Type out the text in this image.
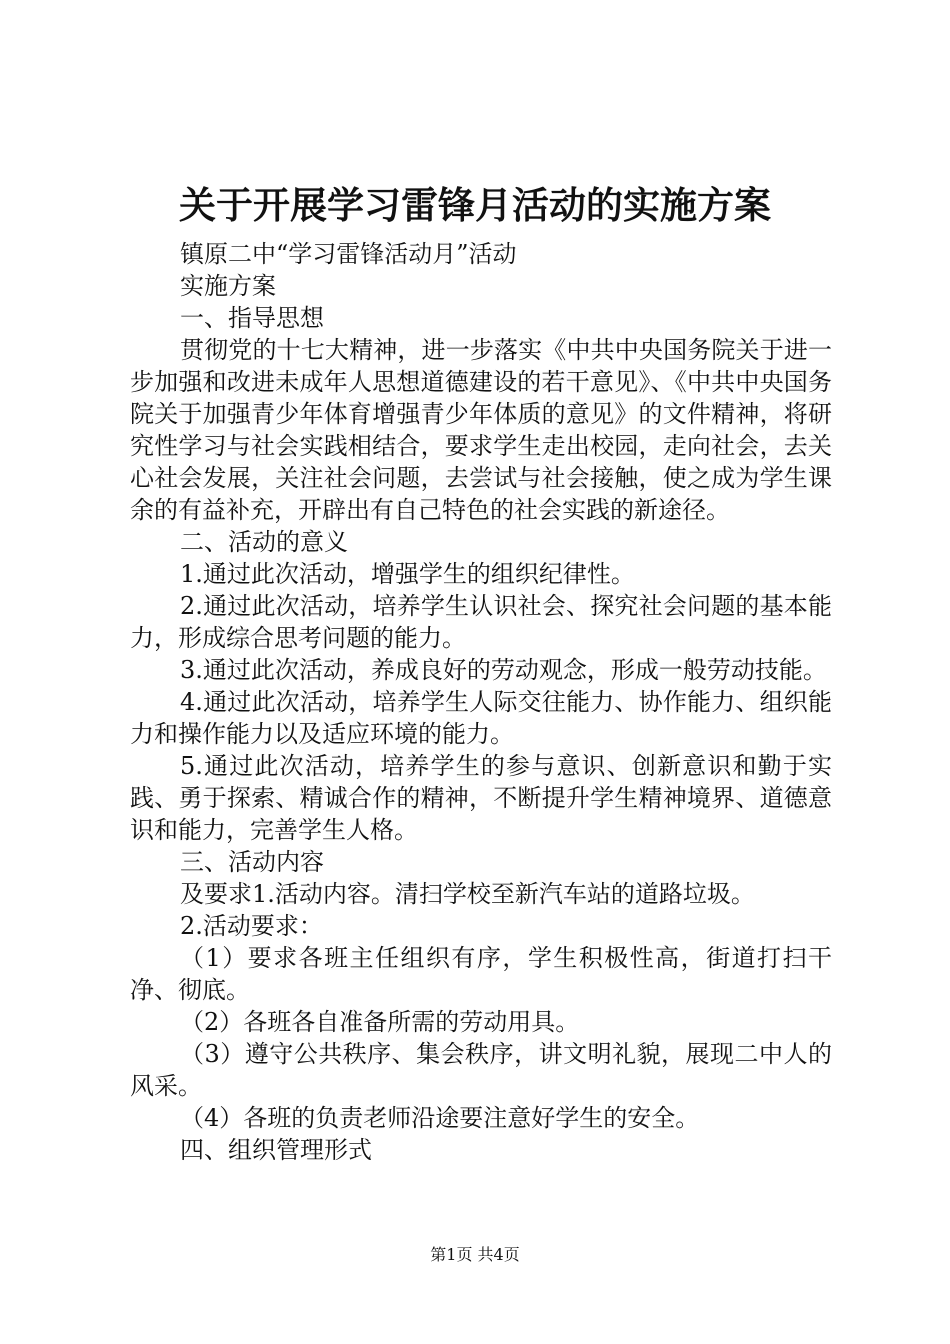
关于开展学习雷锋月活动的实施方案

镇原二中“学习雷锋活动月”活动

实施方案

一、指导思想

贯彻党的十七大精神，进一步落实《中共中央国务院关于进一步加强和改进未成年人思想道德建设的若干意见》、《中共中央国务院关于加强青少年体育增强青少年体质的意见》的文件精神，将研究性学习与社会实践相结合，要求学生走出校园，走向社会，去关心社会发展，关注社会问题，去尝试与社会接触，使之成为学生课余的有益补充，开辟出有自己特色的社会实践的新途径。

二、活动的意义

1.通过此次活动，增强学生的组织纪律性。

2.通过此次活动，培养学生认识社会、探究社会问题的基本能力，形成综合思考问题的能力。

3.通过此次活动，养成良好的劳动观念，形成一般劳动技能。

4.通过此次活动，培养学生人际交往能力、协作能力、组织能力和操作能力以及适应环境的能力。

5.通过此次活动，培养学生的参与意识、创新意识和勤于实践、勇于探索、精诚合作的精神，不断提升学生精神境界、道德意识和能力，完善学生人格。

三、活动内容

及要求1.活动内容。清扫学校至新汽车站的道路垃圾。

2.活动要求：

（1）要求各班主任组织有序，学生积极性高，街道打扫干净、彻底。

（2）各班各自准备所需的劳动用具。

（3）遵守公共秩序、集会秩序，讲文明礼貌，展现二中人的风采。

（4）各班的负责老师沿途要注意好学生的安全。

四、组织管理形式

第1页 共4页
